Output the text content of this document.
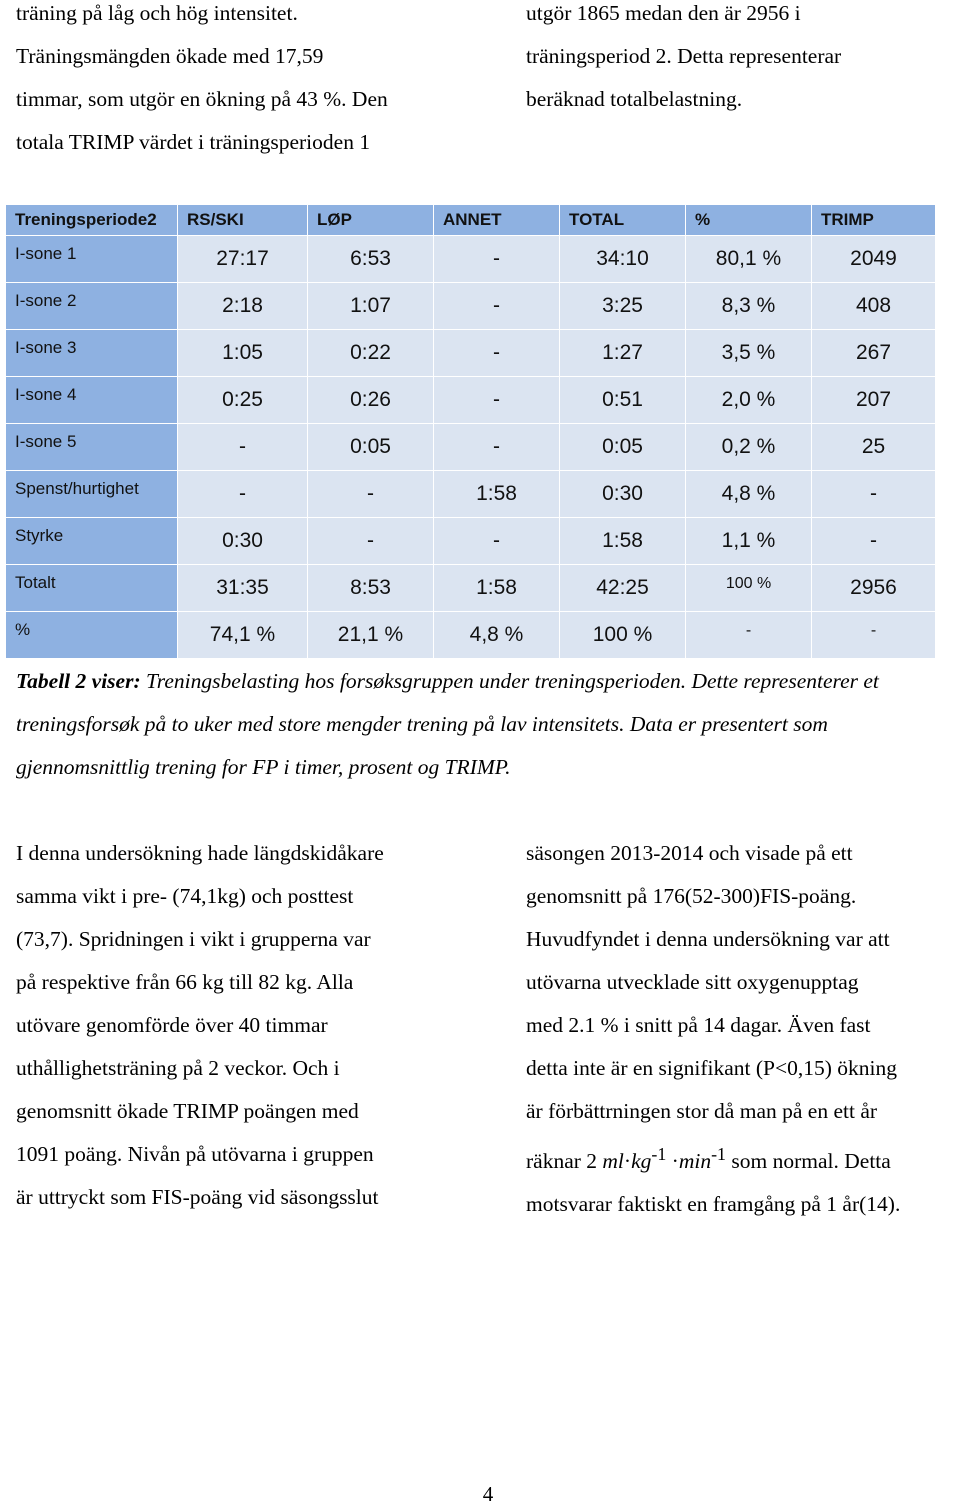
träning på låg och hög intensitet.

Träningsmängden ökade med 17,59

timmar, som utgör en ökning på 43 %. Den

totala TRIMP värdet i träningsperioden 1

utgör 1865 medan den är 2956 i

träningsperiod 2. Detta representerar

beräknad totalbelastning.

Treningsperiode2	RS/SKI	LØP	ANNET	TOTAL	%	TRIMP
I-sone 1	27:17	6:53	-	34:10	80,1 %	2049
I-sone 2	2:18	1:07	-	3:25	8,3 %	408
I-sone 3	1:05	0:22	-	1:27	3,5 %	267
I-sone 4	0:25	0:26	-	0:51	2,0 %	207
I-sone 5	-	0:05	-	0:05	0,2 %	25
Spenst/hurtighet	-	-	1:58	0:30	4,8 %	-
Styrke	0:30	-	-	1:58	1,1 %	-
Totalt	31:35	8:53	1:58	42:25	100 %	2956
%	74,1 %	21,1 %	4,8 %	100 %	-	-
Tabell 2 viser: Treningsbelasting hos forsøksgruppen under treningsperioden. Dette representerer et treningsforsøk på to uker med store mengder trening på lav intensitets. Data er presentert som gjennomsnittlig trening for FP i timer, prosent og TRIMP.

I denna undersökning hade längdskidåkare

samma vikt i pre- (74,1kg) och posttest

(73,7). Spridningen i vikt i grupperna var

på respektive från 66 kg till 82 kg. Alla

utövare genomförde över 40 timmar

uthållighetsträning på 2 veckor. Och i

genomsnitt ökade TRIMP poängen med

1091 poäng. Nivån på utövarna i gruppen

är uttryckt som FIS-poäng vid säsongsslut

säsongen 2013-2014 och visade på ett

genomsnitt på 176(52-300)FIS-poäng.

Huvudfyndet i denna undersökning var att

utövarna utvecklade sitt oxygenupptag

med 2.1 % i snitt på 14 dagar. Även fast

detta inte är en signifikant (P<0,15) ökning

är förbättrningen stor då man på en ett år

räknar 2 $ml\cdot kg^{-1} \cdot\min^{-1}$ som normal. Detta

motsvarar faktiskt en framgång på 1 år(14).

4
